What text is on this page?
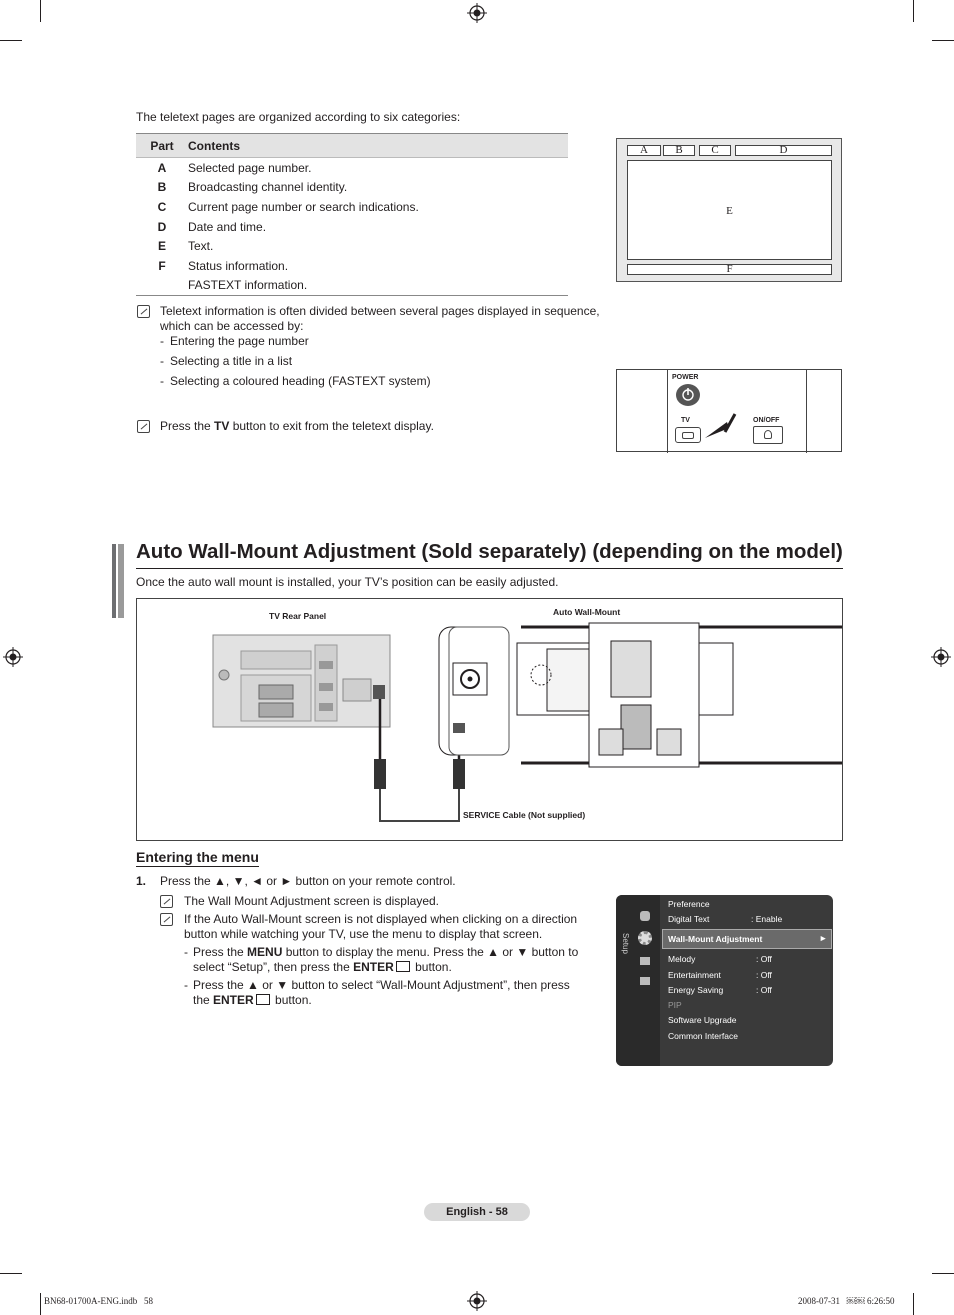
The teletext pages are organized according to six categories:
Part	Contents
A	Selected page number.
B	Broadcasting channel identity.
C	Current page number or search indications.
D	Date and time.
E	Text.
F	Status information.
FASTEXT information.
A	B	C	D
E
F
Teletext information is often divided between several pages displayed in sequence,
which can be accessed by:
- Entering the page number
- Selecting a title in a list
- Selecting a coloured heading (FASTEXT system)
Press the TV button to exit from the teletext display.
POWER
TV	ON/OFF
Auto Wall-Mount Adjustment (Sold separately) (depending on the model)
Once the auto wall mount is installed, your TV’s position can be easily adjusted.
TV Rear Panel	Auto Wall-Mount
SERVICE Cable (Not supplied)
Entering the menu
1. Press the ▲, ▼, ◄ or ► button on your remote control.
The Wall Mount Adjustment screen is displayed.
If the Auto Wall-Mount screen is not displayed when clicking on a direction
button while watching your TV, use the menu to display that screen.
- Press the MENU button to display the menu. Press the ▲ or ▼ button to
select “Setup”, then press the ENTER button.
- Press the ▲ or ▼ button to select “Wall-Mount Adjustment”, then press
the ENTER button.
Setup
Preference
Digital Text	: Enable
Wall-Mount Adjustment	►
Melody	: Off
Entertainment	: Off
Energy Saving	: Off
PIP
Software Upgrade
Common Interface
English - 58
BN68-01700A-ENG.indb   58	2008-07-31   ￼￼ 6:26:50
